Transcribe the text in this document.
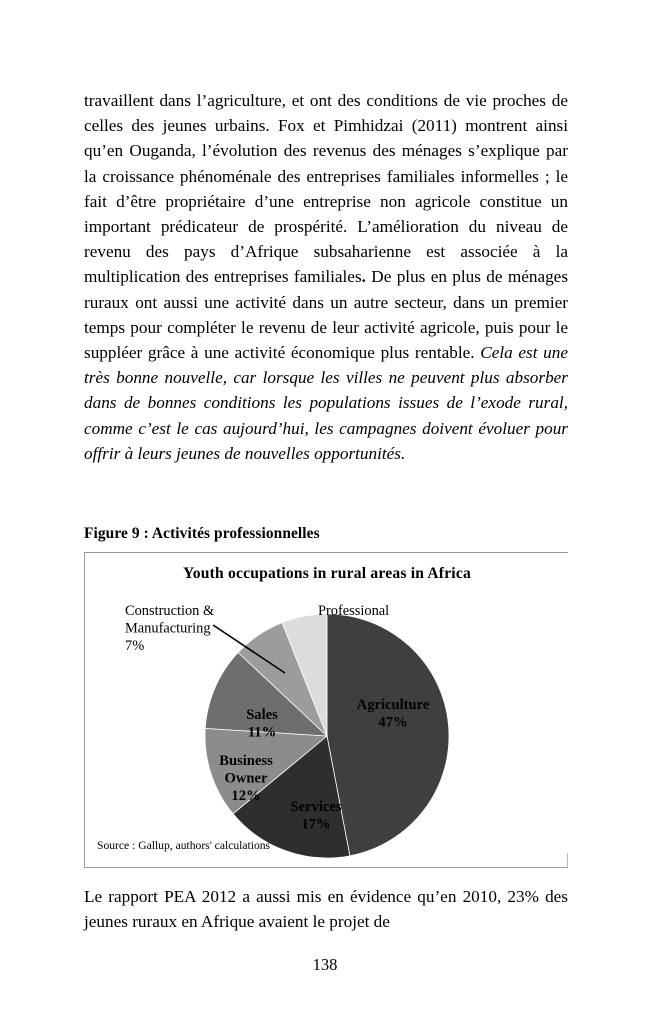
travaillent dans l’agriculture, et ont des conditions de vie proches de celles des jeunes urbains. Fox et Pimhidzai (2011) montrent ainsi qu’en Ouganda, l’évolution des revenus des ménages s’explique par la croissance phénoménale des entreprises familiales informelles ; le fait d’être propriétaire d’une entreprise non agricole constitue un important prédicateur de prospérité. L’amélioration du niveau de revenu des pays d’Afrique subsaharienne est associée à la multiplication des entreprises familiales. De plus en plus de ménages ruraux ont aussi une activité dans un autre secteur, dans un premier temps pour compléter le revenu de leur activité agricole, puis pour le suppléer grâce à une activité économique plus rentable. Cela est une très bonne nouvelle, car lorsque les villes ne peuvent plus absorber dans de bonnes conditions les populations issues de l’exode rural, comme c’est le cas aujourd’hui, les campagnes doivent évoluer pour offrir à leurs jeunes de nouvelles opportunités.

Figure 9 : Activités professionnelles
Youth occupations in rural areas in Africa
Agriculture 47%
Services 17%
Business Owner 12%
Sales 11%
Construction & Manufacturing 7%
Professional
Source : Gallup, authors' calculations

Le rapport PEA 2012 a aussi mis en évidence qu’en 2010, 23% des jeunes ruraux en Afrique avaient le projet de

138
